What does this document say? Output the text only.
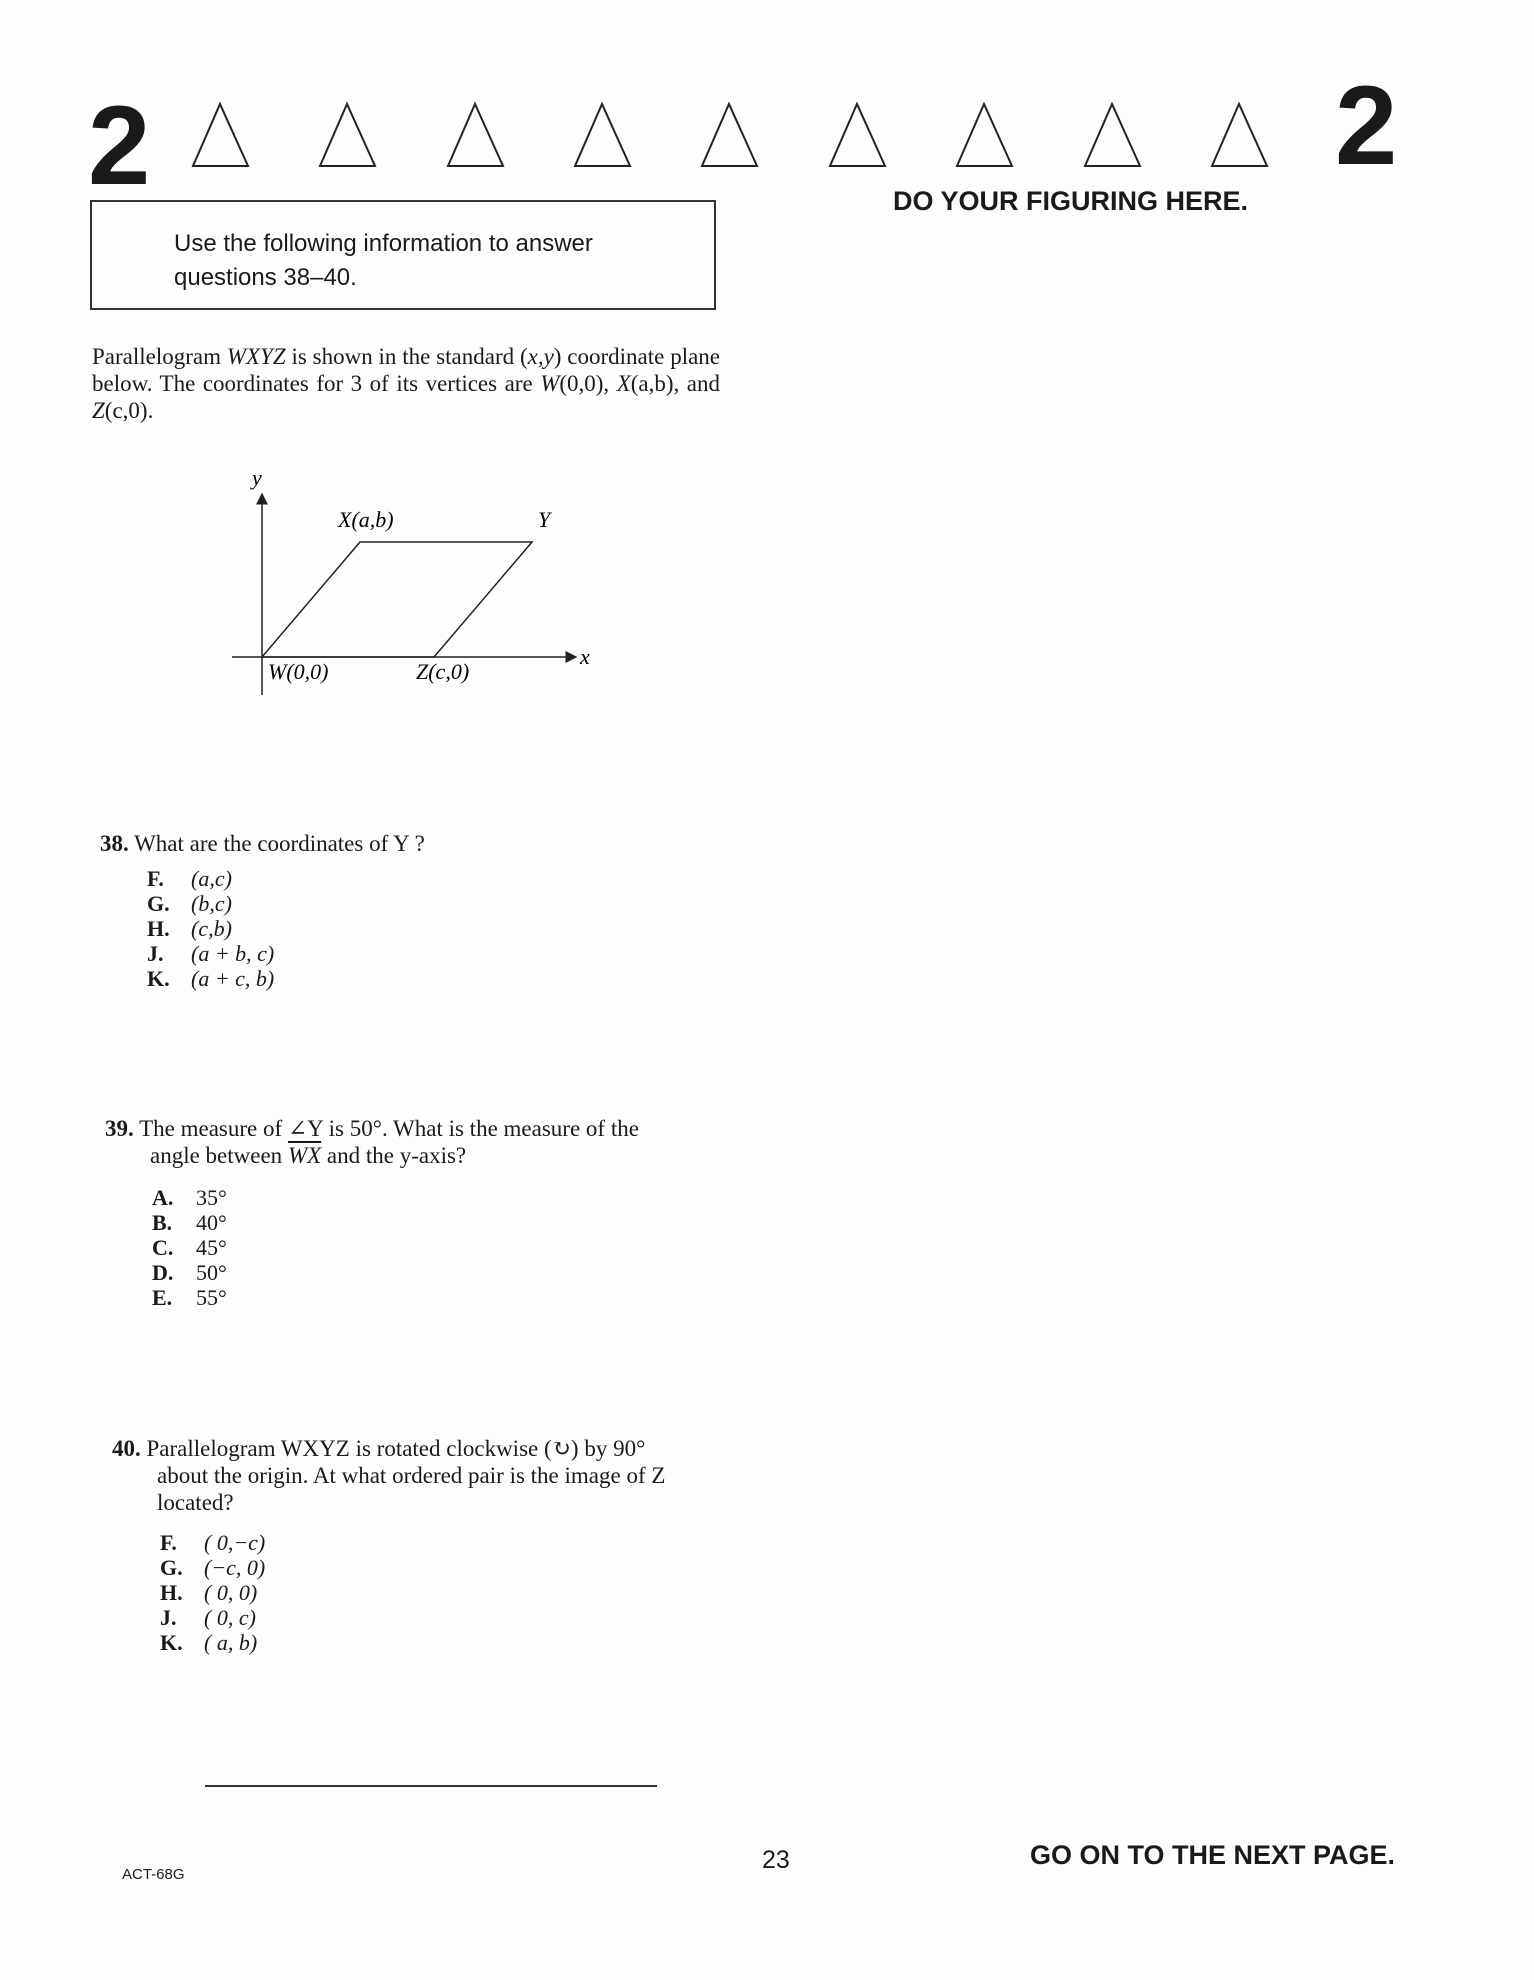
2	2
DO YOUR FIGURING HERE.
Use the following information to answer
questions 38–40.
Parallelogram WXYZ is shown in the standard (x,y) coordinate plane below. The coordinates for 3 of its vertices are W(0,0), X(a,b), and Z(c,0).
y
x
X(a,b)	Y
W(0,0)	Z(c,0)
38. What are the coordinates of Y ?
F.	(a,c)
G. (b,c)
H. (c,b)
J.	(a + b, c)
K. (a + c, b)
39. The measure of ∠Y is 50°. What is the measure of the
angle between $\overline{WX}$ and the y-axis?
A.	35°
B.	40°
C.	45°
D.	50°
E.	55°
40. Parallelogram WXYZ is rotated clockwise (↻) by 90°
about the origin. At what ordered pair is the image of Z
located?
F.	( 0,−c)
G. (−c, 0)
H. ( 0, 0)
J.	( 0, c)
K. ( a, b)
ACT-68G
23	GO ON TO THE NEXT PAGE.
